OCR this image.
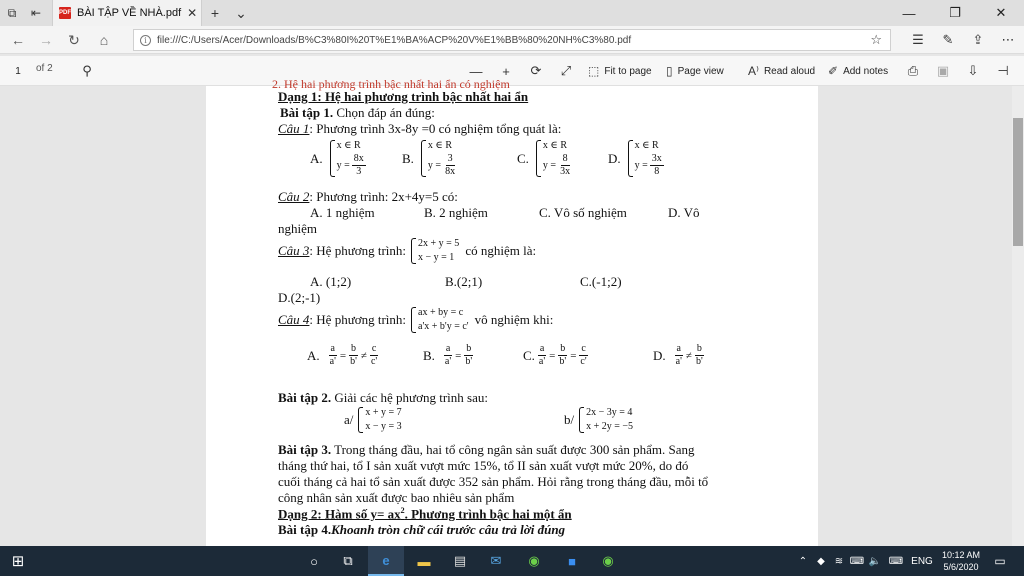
⧉	⇤	PDF BÀI TẬP VỀ NHÀ.pdf ✕ +	⌄	—	❐	✕
←	→	↻	⌂	i	file:///C:/Users/Acer/Downloads/B%C3%80I%20T%E1%BA%ACP%20V%E1%BB%80%20NH%C3%80.pdf	☆	☰	✎	⇪	⋯
1	of 2	⚲	—	+	⟳	⤢	⬚ Fit to page ▯ Page view A⁾ Read aloud ✐ Add notes ⎙ ▣ ⇩ ⊣
2. Hệ hai phương trình bậc nhất hai ẩn có nghiệm
Dạng 1: Hệ hai phương trình bậc nhất hai ẩn
Bài tập 1. Chọn đáp án đúng:
Câu 1: Phương trình 3x-8y =0 có nghiệm tổng quát là:
A.
x ∈ R
$y = \frac{8x}{3}$	B.
x ∈ R
$y = \frac{3}{8x}$	C.
x ∈ R
$y = \frac{8}{3x}$	D.
x ∈ R
$y = \frac{3x}{8}$
Câu 2: Phương trình: 2x+4y=5 có:
A. 1 nghiệm	B. 2 nghiệm	C. Vô số nghiệm	D. Vô
nghiệm
Câu 3 : Hệ phương trình: 2x + y = 5
x − y = 1 có nghiệm là:
A. (1;2)	B.(2;1)	C.(-1;2)
D.(2;-1)
Câu 4 : Hệ phương trình: ax + by = c
a'x + b'y = c' vô nghiệm khi:
A. $\frac{a}{a'} = \frac{b}{b'} \ne \frac{c}{c'}$	B. $\frac{a}{a'} = \frac{b}{b'}$	C. $\frac{a}{a'} = \frac{b}{b'} = \frac{c}{c'}$	D. $\frac{a}{a'} \ne \frac{b}{b'}$
Bài tập 2. Giải các hệ phương trình sau:
a/ x + y = 7
x − y = 3	b/ 2x − 3y = 4
x + 2y = −5
Bài tập 3. Trong tháng đầu, hai tổ công ngân sản suất được 300 sản phẩm. Sang
tháng thứ hai, tổ I sản xuất vượt mức 15%, tổ II sản xuất vượt mức 20%, do đó
cuối tháng cả hai tổ sản xuất được 352 sản phẩm. Hỏi rằng trong tháng đầu, mỗi tổ
công nhân sản xuất được bao nhiêu sản phẩm
Dạng 2: Hàm số $y= ax^2$. Phương trình bậc hai một ẩn
Bài tập 4.Khoanh tròn chữ cái trước câu trả lời đúng
⊞	○	⧉	e	▬	▤	✉	◉	■	◉	⌃ ◆ ≋ ⌨ 🔈 ⌨ ENG
10:12 AM
5/6/2020	▭
